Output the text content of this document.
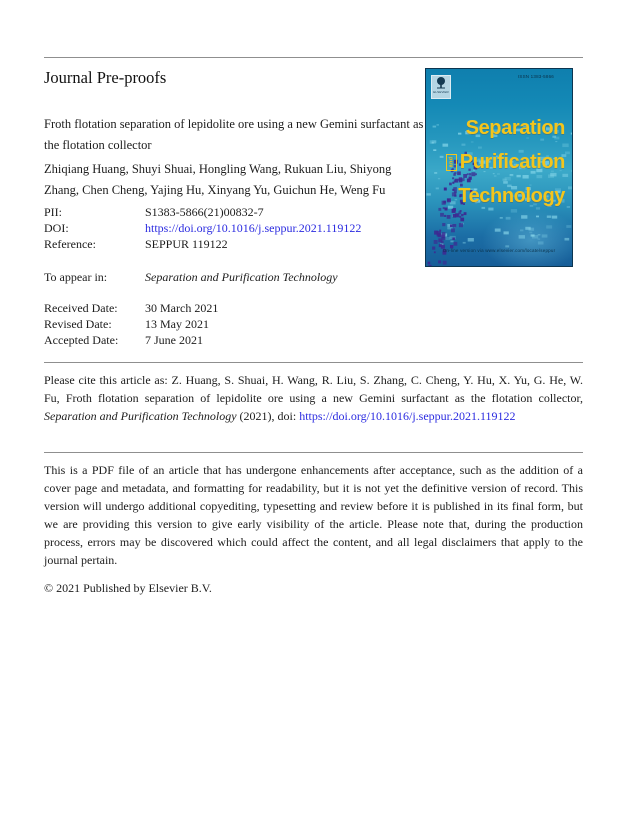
Journal Pre-proofs
Froth flotation separation of lepidolite ore using a new Gemini surfactant as the flotation collector
Zhiqiang Huang, Shuyi Shuai, Hongling Wang, Rukuan Liu, Shiyong Zhang, Chen Cheng, Yajing Hu, Xinyang Yu, Guichun He, Weng Fu
PII:	S1383-5866(21)00832-7
DOI:	https://doi.org/10.1016/j.seppur.2021.119122
Reference:	SEPPUR 119122
To appear in:	Separation and Purification Technology
Received Date:	30 March 2021
Revised Date:	13 May 2021
Accepted Date:	7 June 2021
Please cite this article as: Z. Huang, S. Shuai, H. Wang, R. Liu, S. Zhang, C. Cheng, Y. Hu, X. Yu, G. He, W. Fu, Froth flotation separation of lepidolite ore using a new Gemini surfactant as the flotation collector, Separation and Purification Technology (2021), doi: https://doi.org/10.1016/j.seppur.2021.119122
This is a PDF file of an article that has undergone enhancements after acceptance, such as the addition of a cover page and metadata, and formatting for readability, but it is not yet the definitive version of record. This version will undergo additional copyediting, typesetting and review before it is published in its final form, but we are providing this version to give early visibility of the article. Please note that, during the production process, errors may be discovered which could affect the content, and all legal disclaimers that apply to the journal pertain.
© 2021 Published by Elsevier B.V.
ELSEVIER
ISSN 1383-5866
Separation
and Purification
Technology
On-line version via www.elsevier.com/locate/seppur
